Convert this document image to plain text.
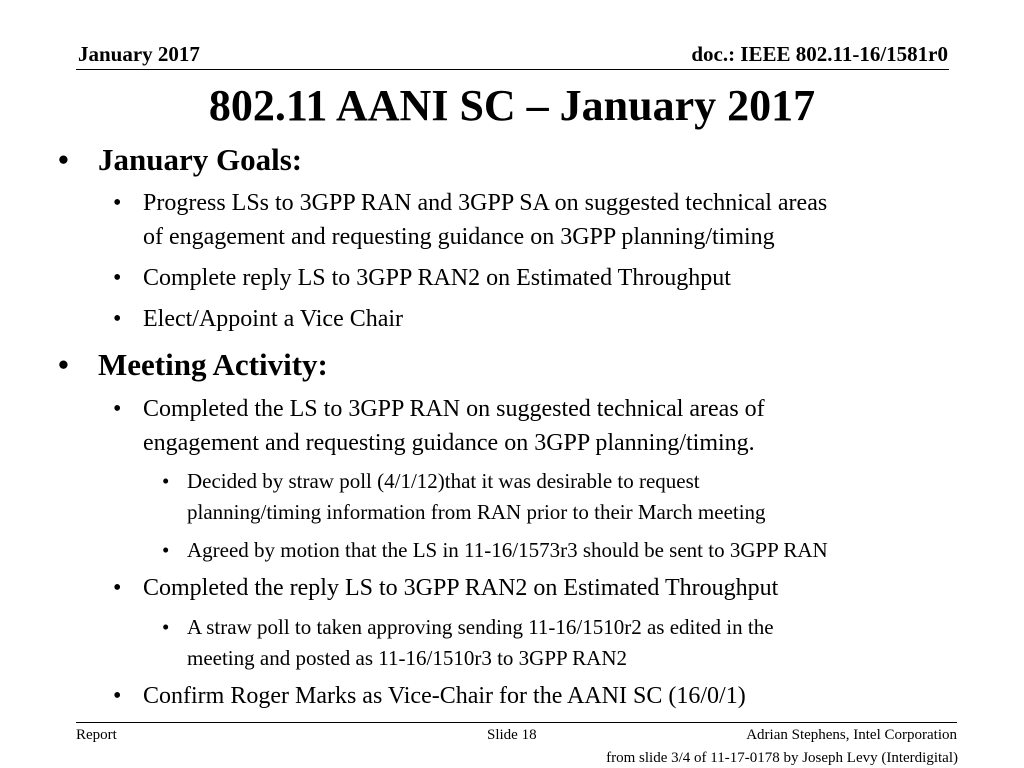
January 2017	doc.: IEEE 802.11-16/1581r0
802.11 AANI SC – January 2017
• January Goals:
• Progress LSs to 3GPP RAN and 3GPP SA on suggested technical areas
of engagement and requesting guidance on 3GPP planning/timing
• Complete reply LS to 3GPP RAN2 on Estimated Throughput
• Elect/Appoint a Vice Chair
• Meeting Activity:
• Completed the LS to 3GPP RAN on suggested technical areas of
engagement and requesting guidance on 3GPP planning/timing.
• Decided by straw poll (4/1/12)that it was desirable to request
planning/timing information from RAN prior to their March meeting
• Agreed by motion that the LS in 11-16/1573r3 should be sent to 3GPP RAN
• Completed the reply LS to 3GPP RAN2 on Estimated Throughput
• A straw poll to taken approving sending 11-16/1510r2 as edited in the
meeting and posted as 11-16/1510r3 to 3GPP RAN2
• Confirm Roger Marks as Vice-Chair for the AANI SC (16/0/1)
Report	Slide 18	Adrian Stephens, Intel Corporation
from slide 3/4 of 11-17-0178 by Joseph Levy (Interdigital)
